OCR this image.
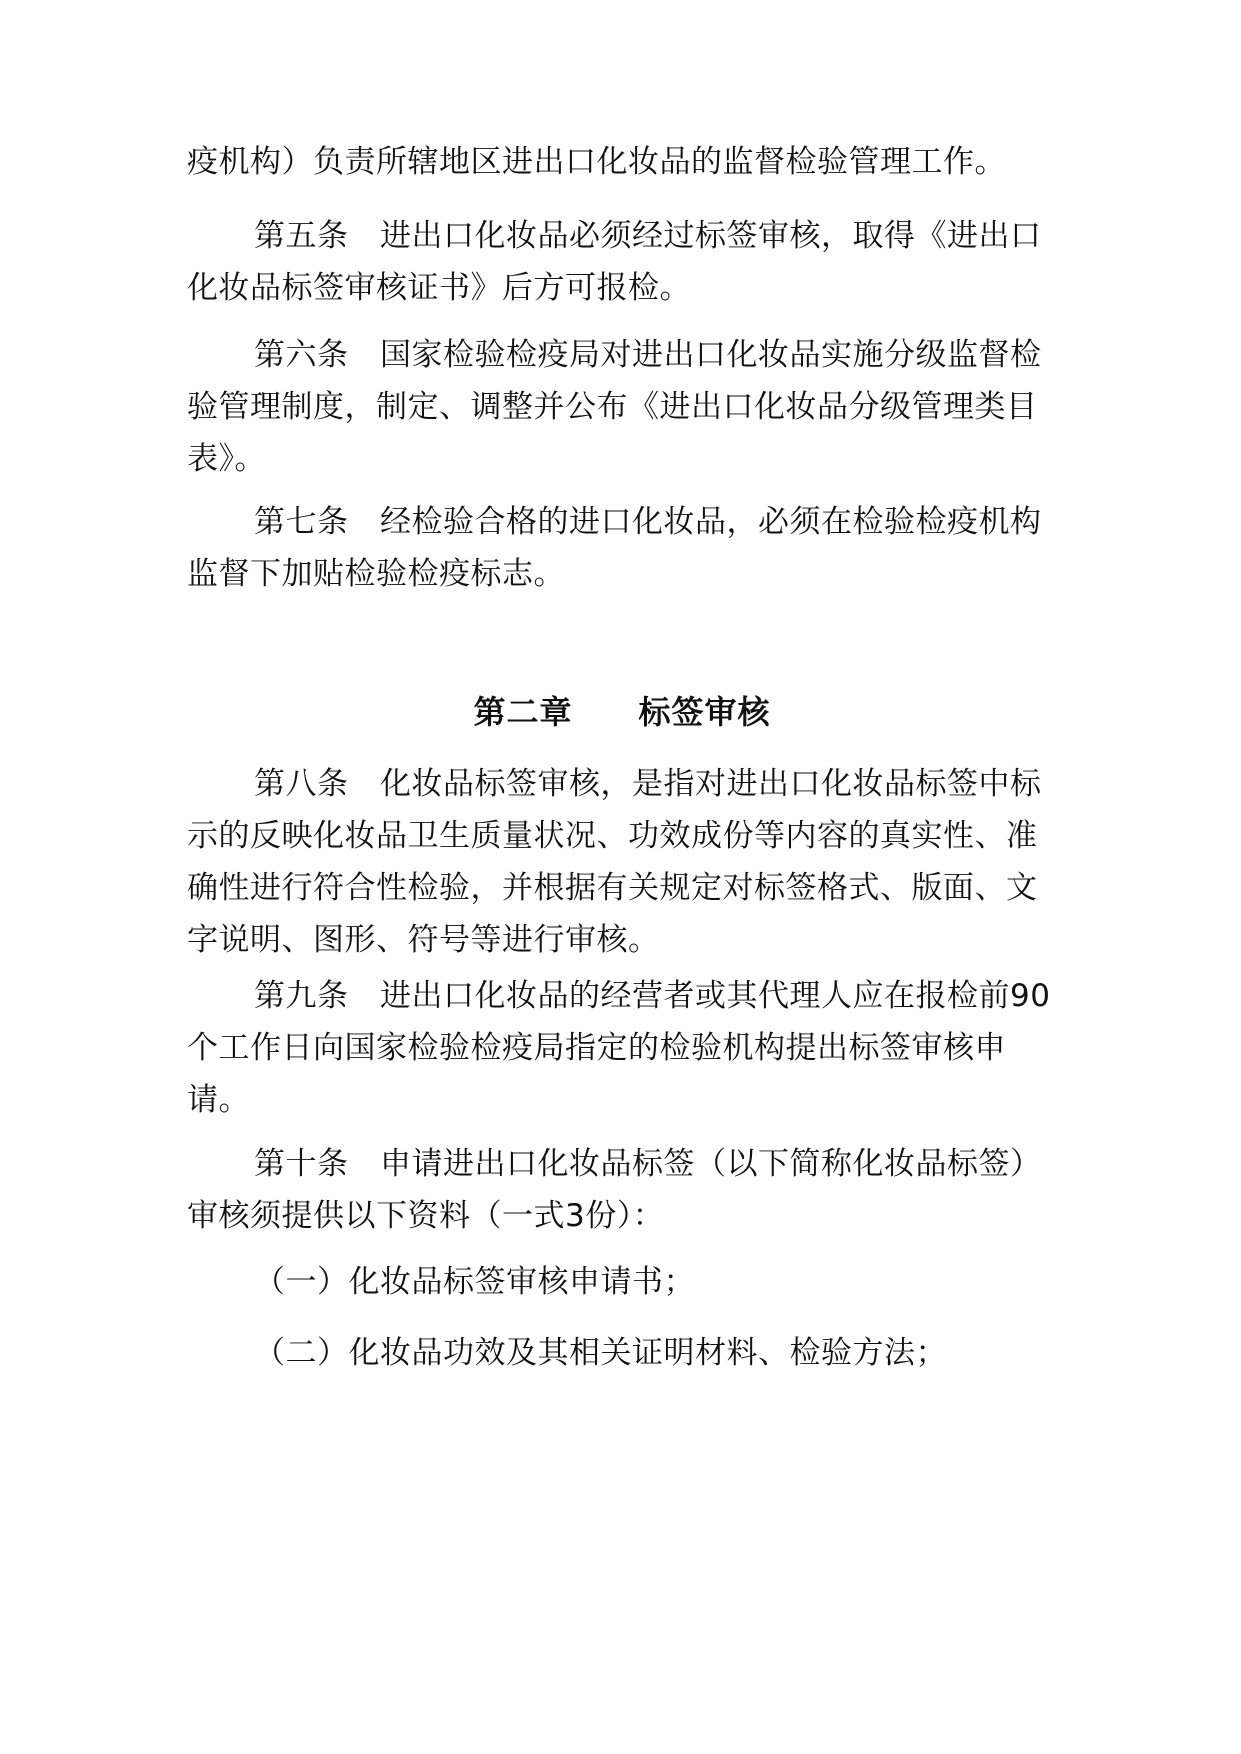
疫机构）负责所辖地区进出口化妆品的监督检验管理工作。

第五条　进出口化妆品必须经过标签审核，取得《进出口化妆品标签审核证书》后方可报检。

第六条　国家检验检疫局对进出口化妆品实施分级监督检验管理制度，制定、调整并公布《进出口化妆品分级管理类目表》。

第七条　经检验合格的进口化妆品，必须在检验检疫机构监督下加贴检验检疫标志。

第二章　　标签审核

第八条　化妆品标签审核，是指对进出口化妆品标签中标示的反映化妆品卫生质量状况、功效成份等内容的真实性、准确性进行符合性检验，并根据有关规定对标签格式、版面、文字说明、图形、符号等进行审核。

第九条　进出口化妆品的经营者或其代理人应在报检前90个工作日向国家检验检疫局指定的检验机构提出标签审核申请。

第十条　申请进出口化妆品标签（以下简称化妆品标签）审核须提供以下资料（一式3份）：

（一）化妆品标签审核申请书；

（二）化妆品功效及其相关证明材料、检验方法；
